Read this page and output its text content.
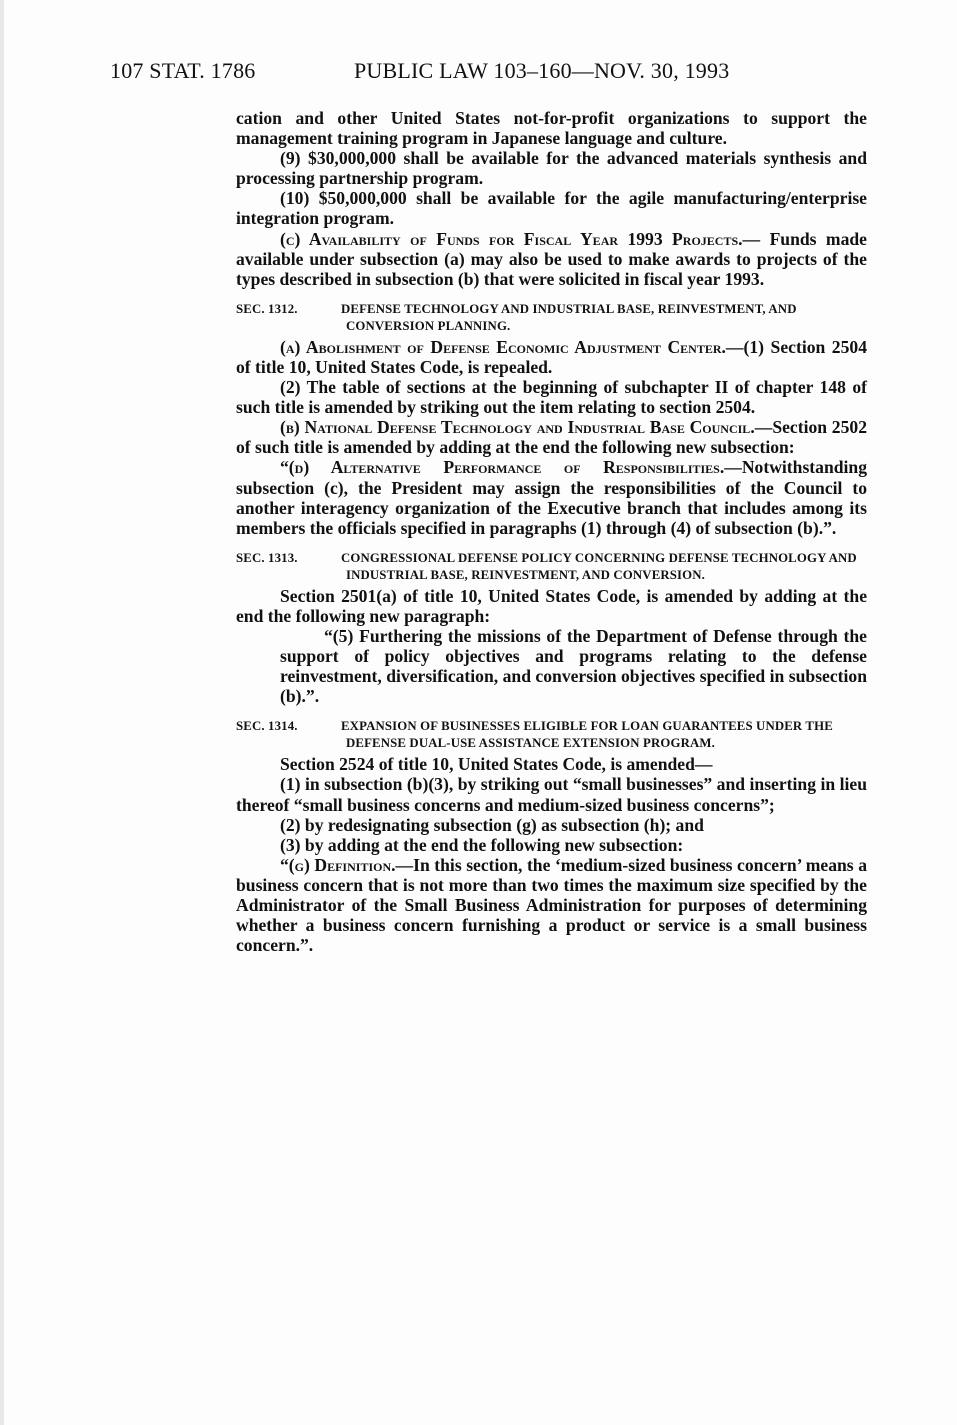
107 STAT. 1786	PUBLIC LAW 103–160—NOV. 30, 1993

cation and other United States not-for-profit organizations to support the management training program in Japanese language and culture.

(9) $30,000,000 shall be available for the advanced materials synthesis and processing partnership program.

(10) $50,000,000 shall be available for the agile manufacturing/enterprise integration program.

(c) Availability of Funds for Fiscal Year 1993 Projects.— Funds made available under subsection (a) may also be used to make awards to projects of the types described in subsection (b) that were solicited in fiscal year 1993.

SEC. 1312.	DEFENSE TECHNOLOGY AND INDUSTRIAL BASE, REINVESTMENT, AND CONVERSION PLANNING.

(a) Abolishment of Defense Economic Adjustment Center.—(1) Section 2504 of title 10, United States Code, is repealed.

(2) The table of sections at the beginning of subchapter II of chapter 148 of such title is amended by striking out the item relating to section 2504.

(b) National Defense Technology and Industrial Base Council.—Section 2502 of such title is amended by adding at the end the following new subsection:

“(d) Alternative Performance of Responsibilities.—Notwithstanding subsection (c), the President may assign the responsibilities of the Council to another interagency organization of the Executive branch that includes among its members the officials specified in paragraphs (1) through (4) of subsection (b).”.

SEC. 1313.	CONGRESSIONAL DEFENSE POLICY CONCERNING DEFENSE TECHNOLOGY AND INDUSTRIAL BASE, REINVESTMENT, AND CONVERSION.

Section 2501(a) of title 10, United States Code, is amended by adding at the end the following new paragraph:

“(5) Furthering the missions of the Department of Defense through the support of policy objectives and programs relating to the defense reinvestment, diversification, and conversion objectives specified in subsection (b).”.

SEC. 1314.	EXPANSION OF BUSINESSES ELIGIBLE FOR LOAN GUARANTEES UNDER THE DEFENSE DUAL-USE ASSISTANCE EXTENSION PROGRAM.

Section 2524 of title 10, United States Code, is amended—

(1) in subsection (b)(3), by striking out “small businesses” and inserting in lieu thereof “small business concerns and medium-sized business concerns”;

(2) by redesignating subsection (g) as subsection (h); and

(3) by adding at the end the following new subsection:

“(g) Definition.—In this section, the ‘medium-sized business concern’ means a business concern that is not more than two times the maximum size specified by the Administrator of the Small Business Administration for purposes of determining whether a business concern furnishing a product or service is a small business concern.”.
